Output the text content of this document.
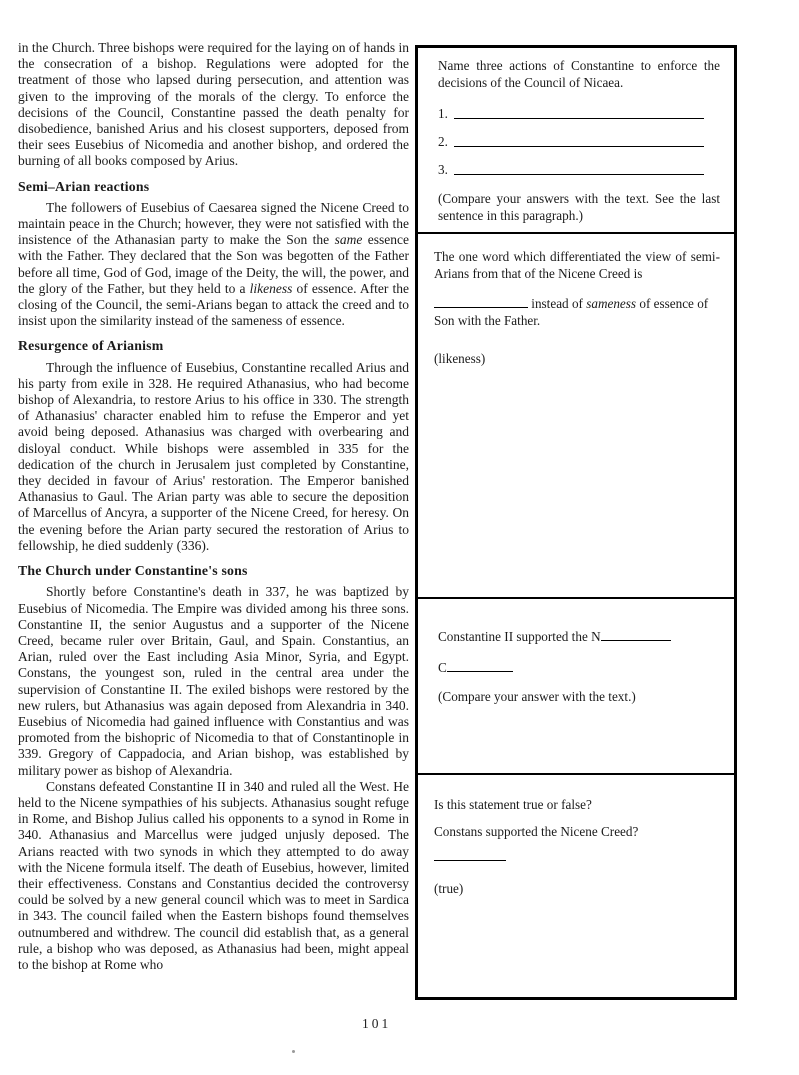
in the Church. Three bishops were required for the laying on of hands in the consecration of a bishop. Regulations were adopted for the treatment of those who lapsed during persecution, and attention was given to the improving of the morals of the clergy. To enforce the decisions of the Council, Constantine passed the death penalty for disobedience, banished Arius and his closest supporters, deposed from their sees Eusebius of Nicomedia and another bishop, and ordered the burning of all books composed by Arius.

Semi–Arian reactions

The followers of Eusebius of Caesarea signed the Nicene Creed to maintain peace in the Church; however, they were not satisfied with the insistence of the Athanasian party to make the Son the same essence with the Father. They declared that the Son was begotten of the Father before all time, God of God, image of the Deity, the will, the power, and the glory of the Father, but they held to a likeness of essence. After the closing of the Council, the semi-Arians began to attack the creed and to insist upon the similarity instead of the sameness of essence.

Resurgence of Arianism

Through the influence of Eusebius, Constantine recalled Arius and his party from exile in 328. He required Athanasius, who had become bishop of Alexandria, to restore Arius to his office in 330. The strength of Athanasius' character enabled him to refuse the Emperor and yet avoid being deposed. Athanasius was charged with overbearing and disloyal conduct. While bishops were assembled in 335 for the dedication of the church in Jerusalem just completed by Constantine, they decided in favour of Arius' restoration. The Emperor banished Athanasius to Gaul. The Arian party was able to secure the deposition of Marcellus of Ancyra, a supporter of the Nicene Creed, for heresy. On the evening before the Arian party secured the restoration of Arius to fellowship, he died suddenly (336).

The Church under Constantine's sons

Shortly before Constantine's death in 337, he was baptized by Eusebius of Nicomedia. The Empire was divided among his three sons. Constantine II, the senior Augustus and a supporter of the Nicene Creed, became ruler over Britain, Gaul, and Spain. Constantius, an Arian, ruled over the East including Asia Minor, Syria, and Egypt. Constans, the youngest son, ruled in the central area under the supervision of Constantine II. The exiled bishops were restored by the new rulers, but Athanasius was again deposed from Alexandria in 340. Eusebius of Nicomedia had gained influence with Constantius and was promoted from the bishopric of Nicomedia to that of Constantinople in 339. Gregory of Cappadocia, and Arian bishop, was established by military power as bishop of Alexandria.

Constans defeated Constantine II in 340 and ruled all the West. He held to the Nicene sympathies of his subjects. Athanasius sought refuge in Rome, and Bishop Julius called his opponents to a synod in Rome in 340. Athanasius and Marcellus were judged unjusly deposed. The Arians reacted with two synods in which they attempted to do away with the Nicene formula itself. The death of Eusebius, however, limited their effectiveness. Constans and Constantius decided the controversy could be solved by a new general council which was to meet in Sardica in 343. The council failed when the Eastern bishops found themselves outnumbered and withdrew. The council did establish that, as a general rule, a bishop who was deposed, as Athanasius had been, might appeal to the bishop at Rome who

Name three actions of Constantine to enforce the decisions of the Council of Nicaea.
1.
2.
3.
(Compare your answers with the text. See the last sentence in this paragraph.)
The one word which differentiated the view of semi-Arians from that of the Nicene Creed is
instead of sameness of essence of Son with the Father.
(likeness)
Constantine II supported the N
C
(Compare your answer with the text.)
Is this statement true or false?
Constans supported the Nicene Creed?
(true)
101
